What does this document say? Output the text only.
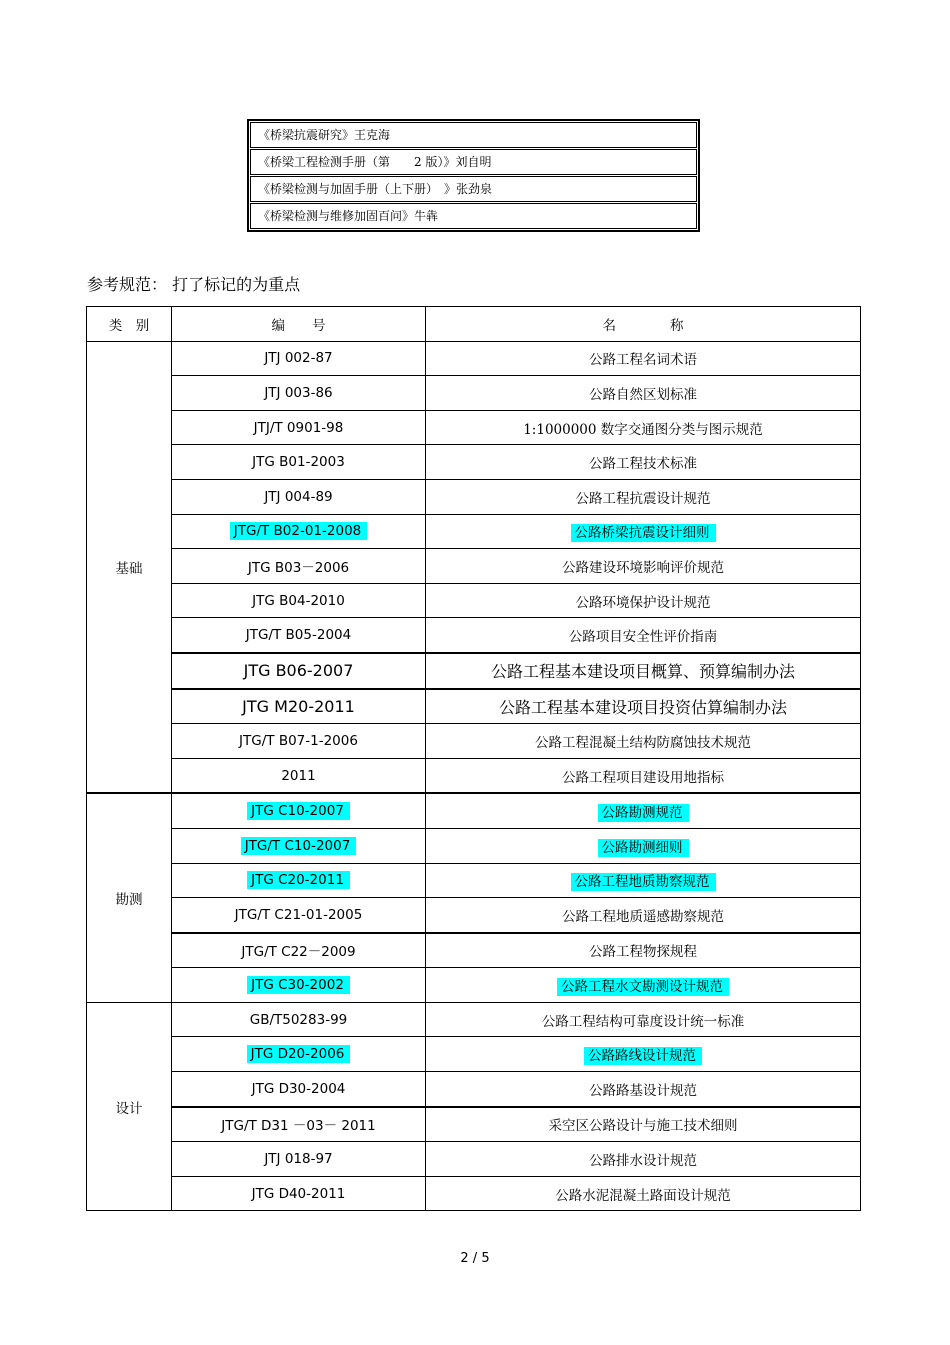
《桥梁抗震研究》王克海
《桥梁工程检测手册（第　　2 版）》刘自明
《桥梁检测与加固手册（上下册）　》张劲泉
《桥梁检测与维修加固百问》牛犇
参考规范： 打了标记的为重点
类　别	编　　号	名　　　　称
基础	JTJ 002-87	公路工程名词术语
	JTJ 003-86	公路自然区划标准
	JTJ/T 0901-98	1:1000000 数字交通图分类与图示规范
	JTG B01-2003	公路工程技术标准
	JTJ 004-89	公路工程抗震设计规范
	JTG/T B02-01-2008	公路桥梁抗震设计细则
	JTG B03－2006	公路建设环境影响评价规范
	JTG B04-2010	公路环境保护设计规范
	JTG/T B05-2004	公路项目安全性评价指南
	JTG B06-2007	公路工程基本建设项目概算、预算编制办法
	JTG M20-2011	公路工程基本建设项目投资估算编制办法
	JTG/T B07-1-2006	公路工程混凝土结构防腐蚀技术规范
	2011	公路工程项目建设用地指标
勘测	JTG C10-2007	公路勘测规范
	JTG/T C10-2007	公路勘测细则
	JTG C20-2011	公路工程地质勘察规范
	JTG/T C21-01-2005	公路工程地质遥感勘察规范
	JTG/T C22－2009	公路工程物探规程
	JTG C30-2002	公路工程水文勘测设计规范
设计	GB/T50283-99	公路工程结构可靠度设计统一标准
	JTG D20-2006	公路路线设计规范
	JTG D30-2004	公路路基设计规范
	JTG/T D31 －03－ 2011	采空区公路设计与施工技术细则
	JTJ 018-97	公路排水设计规范
	JTG D40-2011	公路水泥混凝土路面设计规范
2 / 5
